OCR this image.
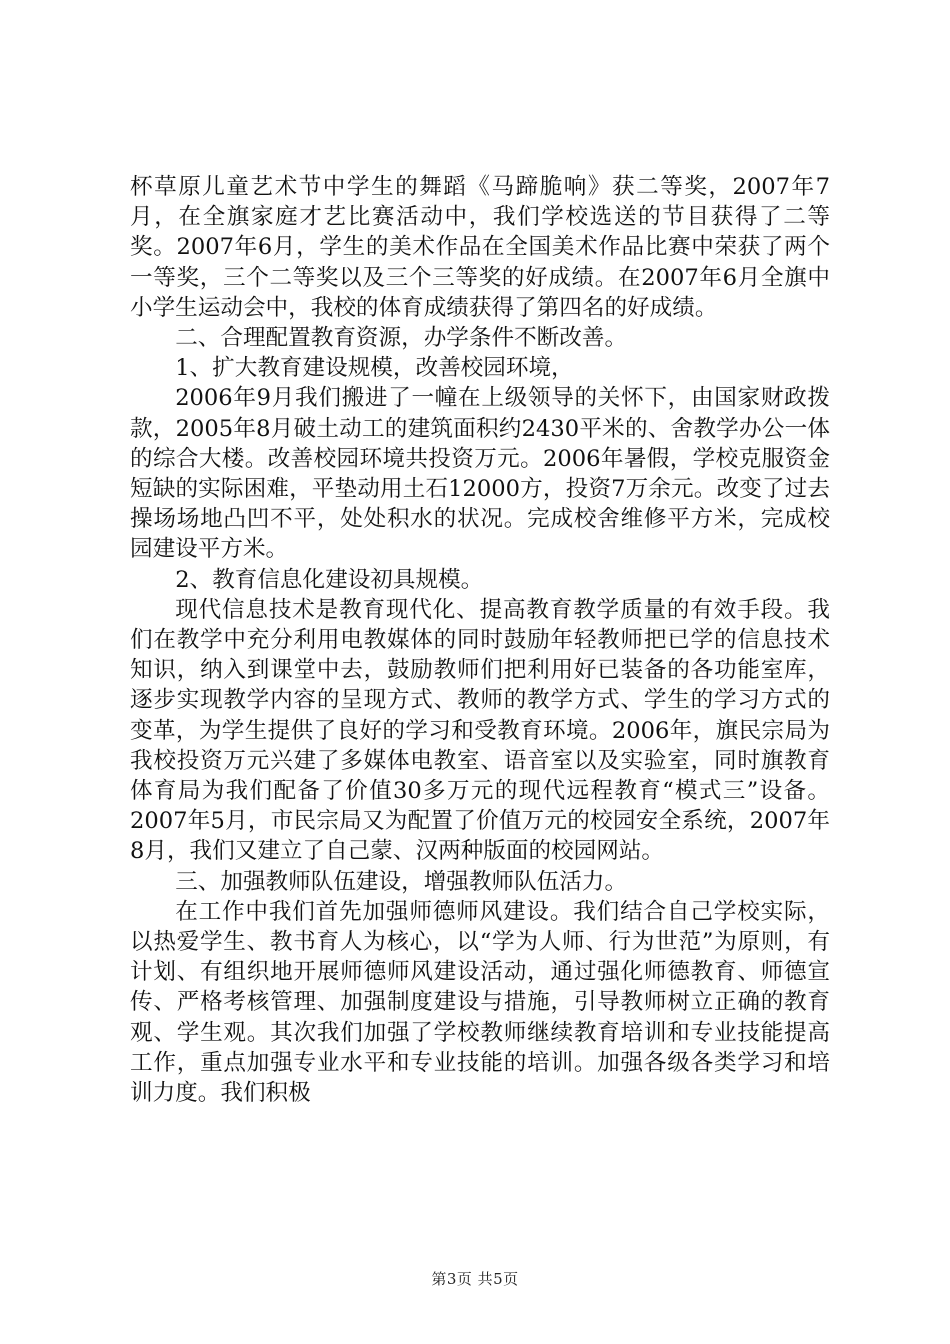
杯草原儿童艺术节中学生的舞蹈《马蹄脆响》获二等奖，2007年7月，在全旗家庭才艺比赛活动中，我们学校选送的节目获得了二等奖。2007年6月，学生的美术作品在全国美术作品比赛中荣获了两个一等奖，三个二等奖以及三个三等奖的好成绩。在2007年6月全旗中小学生运动会中，我校的体育成绩获得了第四名的好成绩。

二、合理配置教育资源，办学条件不断改善。

1、扩大教育建设规模，改善校园环境，

2006年9月我们搬进了一幢在上级领导的关怀下，由国家财政拨款，2005年8月破土动工的建筑面积约2430平米的、舍教学办公一体的综合大楼。改善校园环境共投资万元。2006年暑假，学校克服资金短缺的实际困难，平垫动用土石12000方，投资7万余元。改变了过去操场场地凸凹不平，处处积水的状况。完成校舍维修平方米，完成校园建设平方米。

2、教育信息化建设初具规模。

现代信息技术是教育现代化、提高教育教学质量的有效手段。我们在教学中充分利用电教媒体的同时鼓励年轻教师把已学的信息技术知识，纳入到课堂中去，鼓励教师们把利用好已装备的各功能室库，逐步实现教学内容的呈现方式、教师的教学方式、学生的学习方式的变革，为学生提供了良好的学习和受教育环境。2006年，旗民宗局为我校投资万元兴建了多媒体电教室、语音室以及实验室，同时旗教育体育局为我们配备了价值30多万元的现代远程教育“模式三”设备。2007年5月，市民宗局又为配置了价值万元的校园安全系统，2007年8月，我们又建立了自己蒙、汉两种版面的校园网站。

三、加强教师队伍建设，增强教师队伍活力。

在工作中我们首先加强师德师风建设。我们结合自己学校实际，以热爱学生、教书育人为核心，以“学为人师、行为世范”为原则，有计划、有组织地开展师德师风建设活动，通过强化师德教育、师德宣传、严格考核管理、加强制度建设与措施，引导教师树立正确的教育观、学生观。其次我们加强了学校教师继续教育培训和专业技能提高工作，重点加强专业水平和专业技能的培训。加强各级各类学习和培训力度。我们积极

第3页 共5页
